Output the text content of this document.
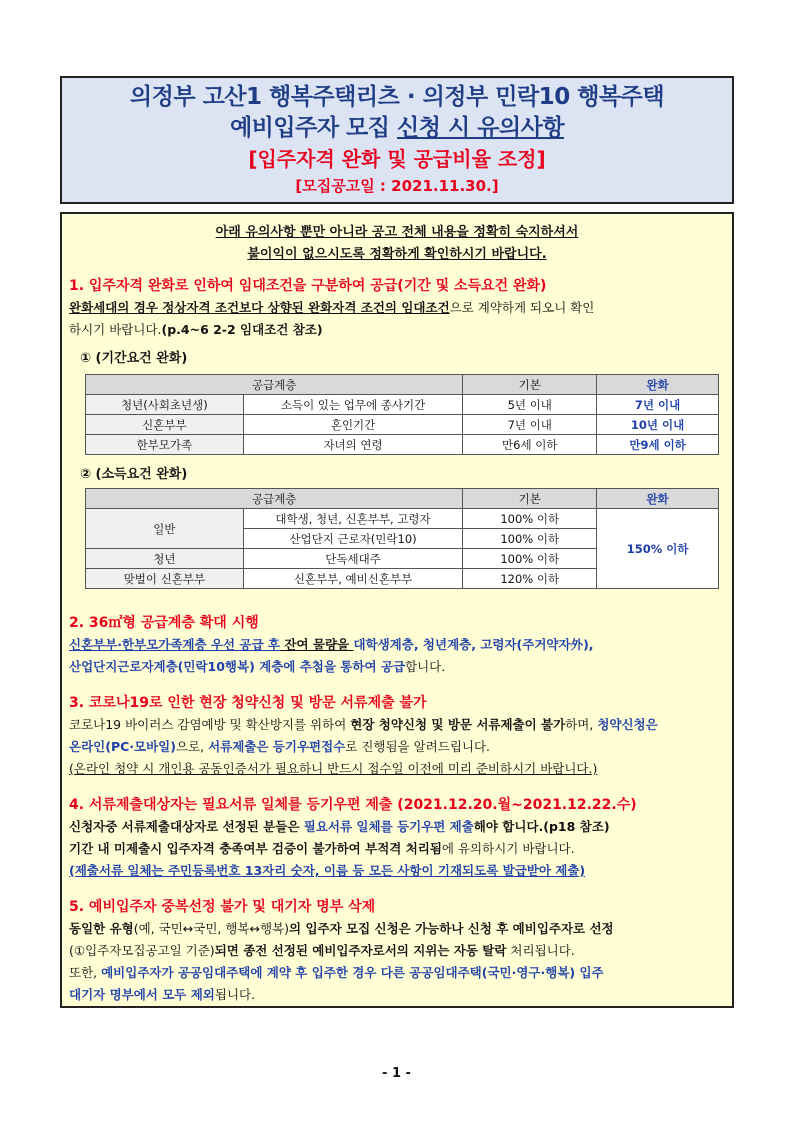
의정부 고산1 행복주택리츠 · 의정부 민락10 행복주택
예비입주자 모집 신청 시 유의사항
[입주자격 완화 및 공급비율 조정]
[모집공고일 : 2021.11.30.]
아래 유의사항 뿐만 아니라 공고 전체 내용을 정확히 숙지하셔서
불이익이 없으시도록 정확하게 확인하시기 바랍니다.
1. 입주자격 완화로 인하여 임대조건을 구분하여 공급(기간 및 소득요건 완화)
완화세대의 경우 정상자격 조건보다 상향된 완화자격 조건의 임대조건으로 계약하게 되오니 확인
하시기 바랍니다.(p.4~6 2-2 임대조건 참조)
① (기간요건 완화)
공급계층		기본	완화
청년(사회초년생)	소득이 있는 업무에 종사기간	5년 이내	7년 이내
신혼부부	혼인기간	7년 이내	10년 이내
한부모가족	자녀의 연령	만6세 이하	만9세 이하
② (소득요건 완화)
공급계층		기본	완화
일반	대학생, 청년, 신혼부부, 고령자	100% 이하	150% 이하
	산업단지 근로자(민락10)	100% 이하	
청년	단독세대주	100% 이하	
맞벌이 신혼부부	신혼부부, 예비신혼부부	120% 이하	
2. 36㎡형 공급계층 확대 시행
신혼부부·한부모가족계층 우선 공급 후 잔여 물량을 대학생계층, 청년계층, 고령자(주거약자外),
산업단지근로자계층(민락10행복) 계층에 추첨을 통하여 공급합니다.
3. 코로나19로 인한 현장 청약신청 및 방문 서류제출 불가
코로나19 바이러스 감염예방 및 확산방지를 위하여 현장 청약신청 및 방문 서류제출이 불가하며, 청약신청은
온라인(PC·모바일)으로, 서류제출은 등기우편접수로 진행됨을 알려드립니다.
(온라인 청약 시 개인용 공동인증서가 필요하니 반드시 접수일 이전에 미리 준비하시기 바랍니다.)
4. 서류제출대상자는 필요서류 일체를 등기우편 제출 (2021.12.20.월~2021.12.22.수)
신청자중 서류제출대상자로 선정된 분들은 필요서류 일체를 등기우편 제출해야 합니다.(p18 참조)
기간 내 미제출시 입주자격 충족여부 검증이 불가하여 부적격 처리됨에 유의하시기 바랍니다.
(제출서류 일체는 주민등록번호 13자리 숫자, 이름 등 모든 사항이 기재되도록 발급받아 제출)
5. 예비입주자 중복선정 불가 및 대기자 명부 삭제
동일한 유형(예, 국민↔국민, 행복↔행복)의 입주자 모집 신청은 가능하나 신청 후 예비입주자로 선정
(①입주자모집공고일 기준)되면 종전 선정된 예비입주자로서의 지위는 자동 탈락 처리됩니다.
또한, 예비입주자가 공공임대주택에 계약 후 입주한 경우 다른 공공임대주택(국민·영구·행복) 입주
대기자 명부에서 모두 제외됩니다.
- 1 -
